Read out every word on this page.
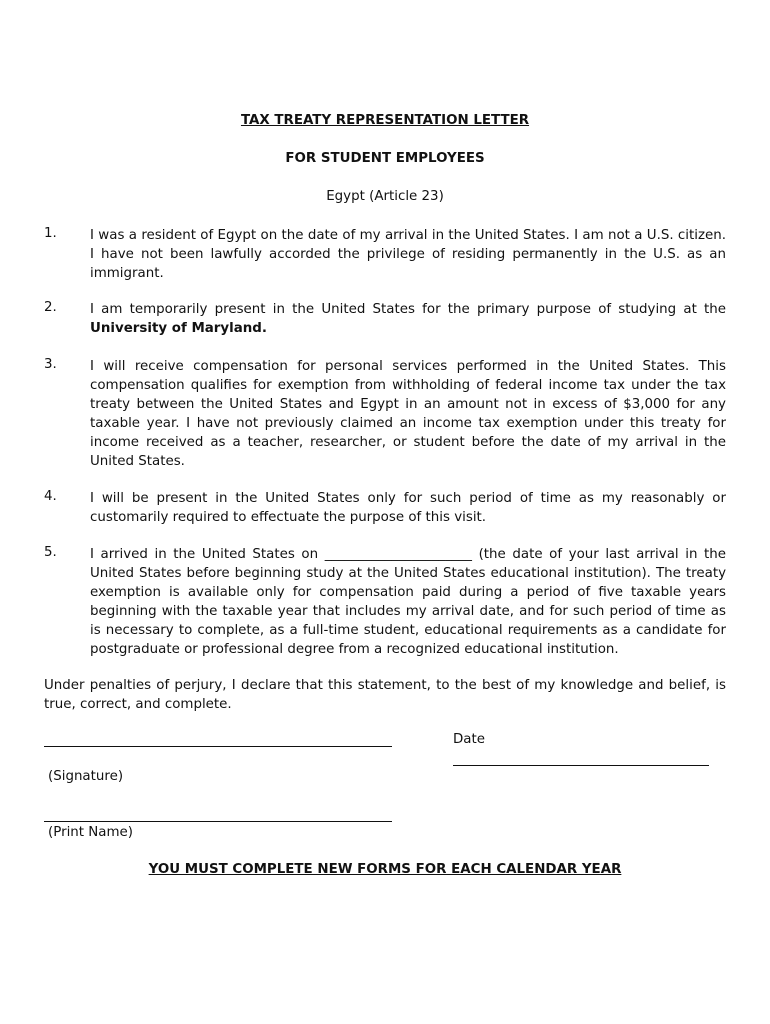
TAX TREATY REPRESENTATION LETTER
FOR STUDENT EMPLOYEES
Egypt (Article 23)
1. I was a resident of Egypt on the date of my arrival in the United States. I am not a U.S. citizen. I have not been lawfully accorded the privilege of residing permanently in the U.S. as an immigrant.
2. I am temporarily present in the United States for the primary purpose of studying at the University of Maryland.
3. I will receive compensation for personal services performed in the United States. This compensation qualifies for exemption from withholding of federal income tax under the tax treaty between the United States and Egypt in an amount not in excess of $3,000 for any taxable year. I have not previously claimed an income tax exemption under this treaty for income received as a teacher, researcher, or student before the date of my arrival in the United States.
4. I will be present in the United States only for such period of time as my reasonably or customarily required to effectuate the purpose of this visit.
5. I arrived in the United States on ______________________ (the date of your last arrival in the United States before beginning study at the United States educational institution). The treaty exemption is available only for compensation paid during a period of five taxable years beginning with the taxable year that includes my arrival date, and for such period of time as is necessary to complete, as a full-time student, educational requirements as a candidate for postgraduate or professional degree from a recognized educational institution.
Under penalties of perjury, I declare that this statement, to the best of my knowledge and belief, is true, correct, and complete.
(Signature)
Date
(Print Name)
YOU MUST COMPLETE NEW FORMS FOR EACH CALENDAR YEAR
